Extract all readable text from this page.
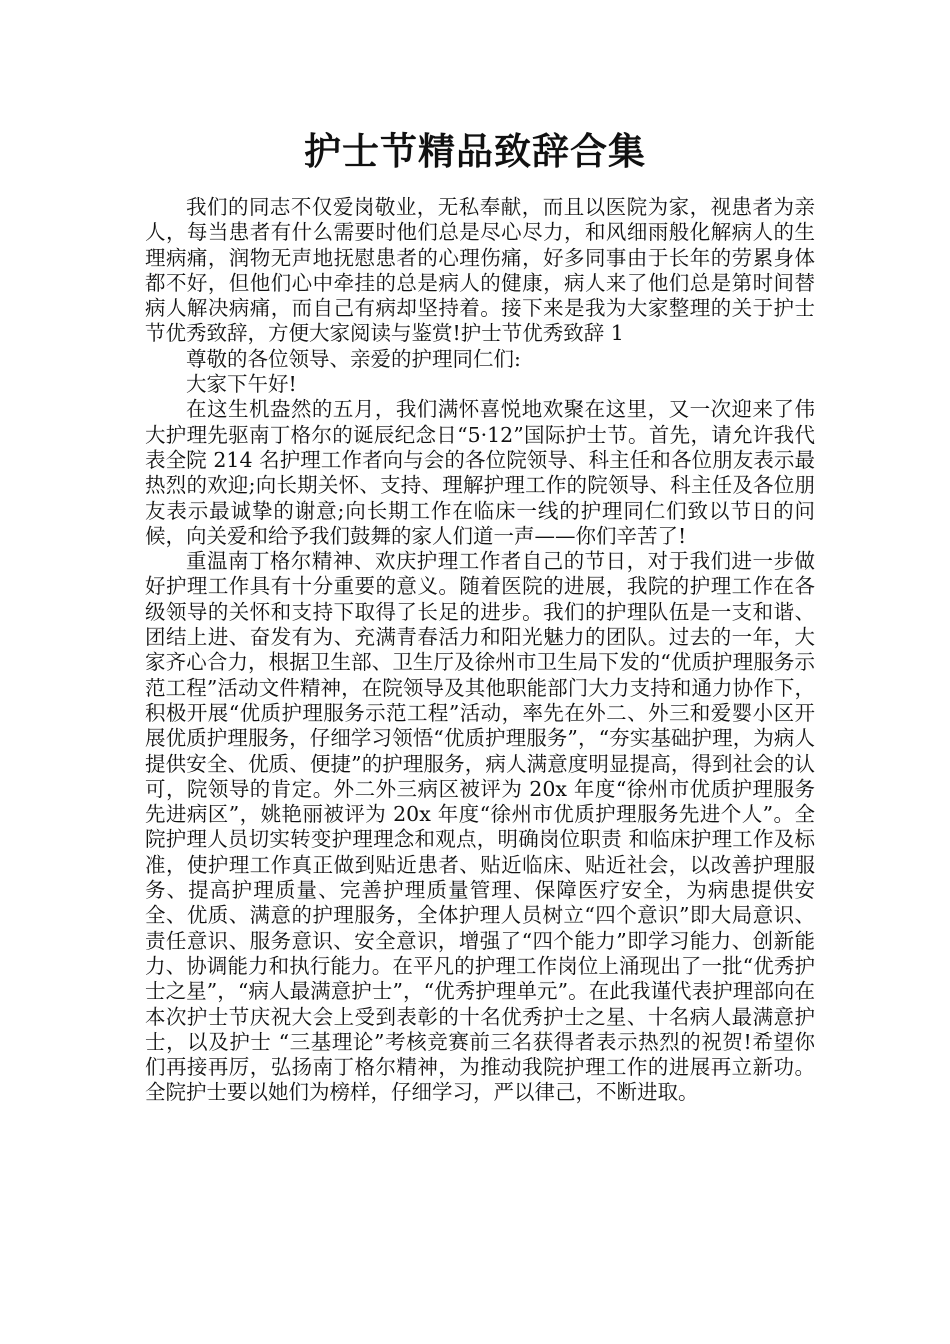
护士节精品致辞合集

我们的同志不仅爱岗敬业，无私奉献，而且以医院为家，视患者为亲人，每当患者有什么需要时他们总是尽心尽力，和风细雨般化解病人的生理病痛，润物无声地抚慰患者的心理伤痛，好多同事由于长年的劳累身体都不好，但他们心中牵挂的总是病人的健康，病人来了他们总是第时间替病人解决病痛，而自己有病却坚持着。接下来是我为大家整理的关于护士节优秀致辞，方便大家阅读与鉴赏!护士节优秀致辞 1

尊敬的各位领导、亲爱的护理同仁们:

大家下午好!

在这生机盎然的五月，我们满怀喜悦地欢聚在这里，又一次迎来了伟大护理先驱南丁格尔的诞辰纪念日“5·12”国际护士节。首先，请允许我代表全院 214 名护理工作者向与会的各位院领导、科主任和各位朋友表示最热烈的欢迎;向长期关怀、支持、理解护理工作的院领导、科主任及各位朋友表示最诚挚的谢意;向长期工作在临床一线的护理同仁们致以节日的问候，向关爱和给予我们鼓舞的家人们道一声——你们辛苦了!

重温南丁格尔精神、欢庆护理工作者自己的节日，对于我们进一步做好护理工作具有十分重要的意义。随着医院的进展，我院的护理工作在各级领导的关怀和支持下取得了长足的进步。我们的护理队伍是一支和谐、团结上进、奋发有为、充满青春活力和阳光魅力的团队。过去的一年，大家齐心合力，根据卫生部、卫生厅及徐州市卫生局下发的“优质护理服务示范工程”活动文件精神，在院领导及其他职能部门大力支持和通力协作下，积极开展“优质护理服务示范工程”活动，率先在外二、外三和爱婴小区开展优质护理服务，仔细学习领悟“优质护理服务”，“夯实基础护理，为病人提供安全、优质、便捷”的护理服务，病人满意度明显提高，得到社会的认可，院领导的肯定。外二外三病区被评为 20x 年度“徐州市优质护理服务先进病区”，姚艳丽被评为 20x 年度“徐州市优质护理服务先进个人”。全院护理人员切实转变护理理念和观点，明确岗位职责 和临床护理工作及标准，使护理工作真正做到贴近患者、贴近临床、贴近社会，以改善护理服务、提高护理质量、完善护理质量管理、保障医疗安全，为病患提供安全、优质、满意的护理服务，全体护理人员树立“四个意识”即大局意识、责任意识、服务意识、安全意识，增强了“四个能力”即学习能力、创新能力、协调能力和执行能力。在平凡的护理工作岗位上涌现出了一批“优秀护士之星”，“病人最满意护士”，“优秀护理单元”。在此我谨代表护理部向在本次护士节庆祝大会上受到表彰的十名优秀护士之星、十名病人最满意护士，以及护士 “三基理论”考核竞赛前三名获得者表示热烈的祝贺!希望你们再接再厉，弘扬南丁格尔精神，为推动我院护理工作的进展再立新功。全院护士要以她们为榜样，仔细学习，严以律己，不断进取。
